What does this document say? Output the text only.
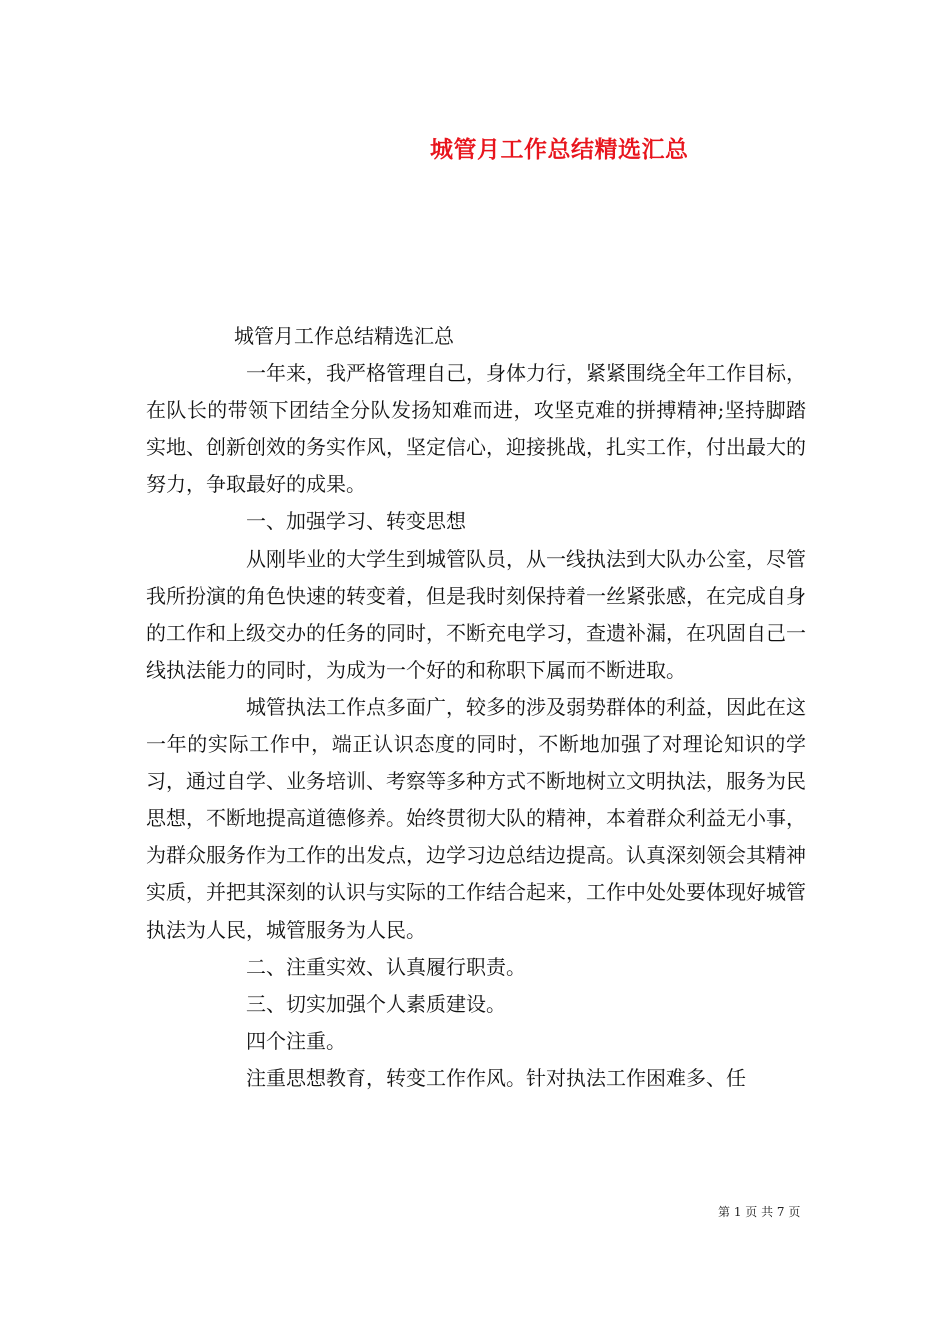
城管月工作总结精选汇总

城管月工作总结精选汇总

一年来，我严格管理自己，身体力行，紧紧围绕全年工作目标，在队长的带领下团结全分队发扬知难而进，攻坚克难的拼搏精神;坚持脚踏实地、创新创效的务实作风，坚定信心，迎接挑战，扎实工作，付出最大的努力，争取最好的成果。

一、加强学习、转变思想

从刚毕业的大学生到城管队员，从一线执法到大队办公室，尽管我所扮演的角色快速的转变着，但是我时刻保持着一丝紧张感，在完成自身的工作和上级交办的任务的同时，不断充电学习，查遗补漏，在巩固自己一线执法能力的同时，为成为一个好的和称职下属而不断进取。

城管执法工作点多面广，较多的涉及弱势群体的利益，因此在这一年的实际工作中，端正认识态度的同时，不断地加强了对理论知识的学习，通过自学、业务培训、考察等多种方式不断地树立文明执法，服务为民思想，不断地提高道德修养。始终贯彻大队的精神，本着群众利益无小事，为群众服务作为工作的出发点，边学习边总结边提高。认真深刻领会其精神实质，并把其深刻的认识与实际的工作结合起来，工作中处处要体现好城管执法为人民，城管服务为人民。

二、注重实效、认真履行职责。

三、切实加强个人素质建设。

四个注重。

注重思想教育，转变工作作风。针对执法工作困难多、任

第 1 页 共 7 页
